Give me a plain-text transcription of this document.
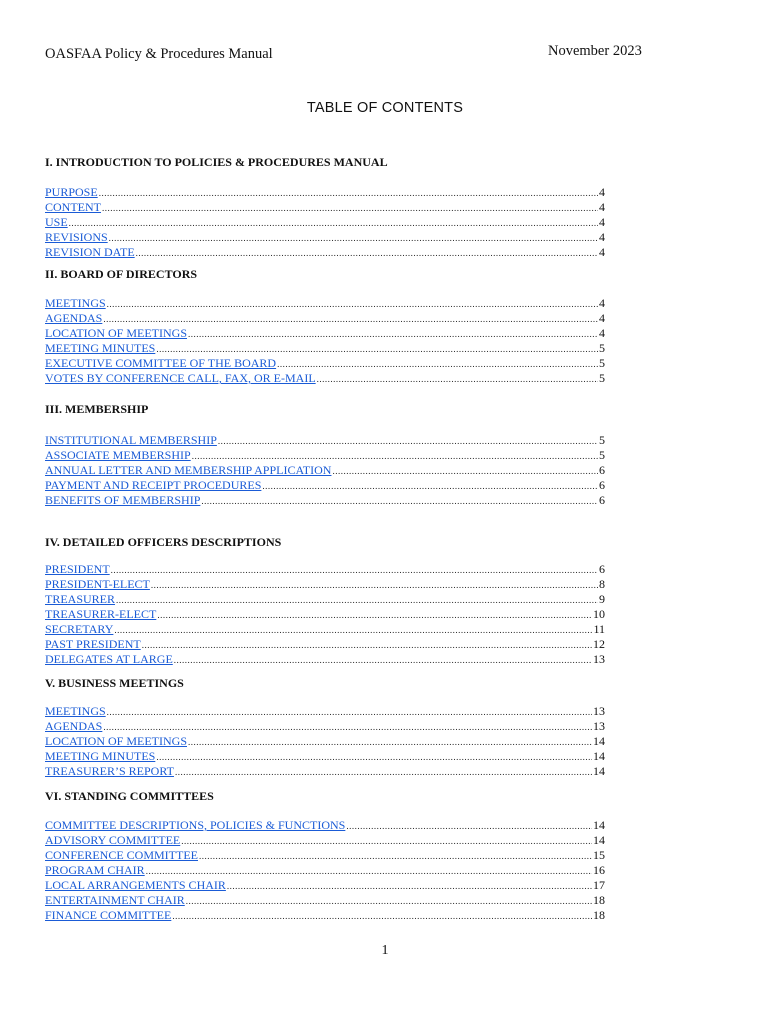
OASFAA Policy & Procedures Manual	November 2023
TABLE OF CONTENTS
I. INTRODUCTION TO POLICIES & PROCEDURES MANUAL
PURPOSE .....	4
CONTENT .....	4
USE .....	4
REVISIONS .....	4
REVISION DATE .....	4
II. BOARD OF DIRECTORS
MEETINGS .....	4
AGENDAS .....	4
LOCATION OF MEETINGS .....	4
MEETING MINUTES .....	5
EXECUTIVE COMMITTEE OF THE BOARD .....	5
VOTES BY CONFERENCE CALL, FAX, OR E-MAIL .....	5
III. MEMBERSHIP
INSTITUTIONAL MEMBERSHIP .....	5
ASSOCIATE MEMBERSHIP .....	5
ANNUAL LETTER AND MEMBERSHIP APPLICATION .....	6
PAYMENT AND RECEIPT PROCEDURES .....	6
BENEFITS OF MEMBERSHIP .....	6
IV. DETAILED OFFICERS DESCRIPTIONS
PRESIDENT .....	6
PRESIDENT-ELECT .....	8
TREASURER .....	9
TREASURER-ELECT .....	10
SECRETARY .....	11
PAST PRESIDENT .....	12
DELEGATES AT LARGE .....	13
V. BUSINESS MEETINGS
MEETINGS .....	13
AGENDAS .....	13
LOCATION OF MEETINGS .....	14
MEETING MINUTES .....	14
TREASURER’S REPORT .....	14
VI. STANDING COMMITTEES
COMMITTEE DESCRIPTIONS, POLICIES & FUNCTIONS .....	14
ADVISORY COMMITTEE .....	14
CONFERENCE COMMITTEE .....	15
PROGRAM CHAIR .....	16
LOCAL ARRANGEMENTS CHAIR .....	17
ENTERTAINMENT CHAIR .....	18
FINANCE COMMITTEE .....	18
1
